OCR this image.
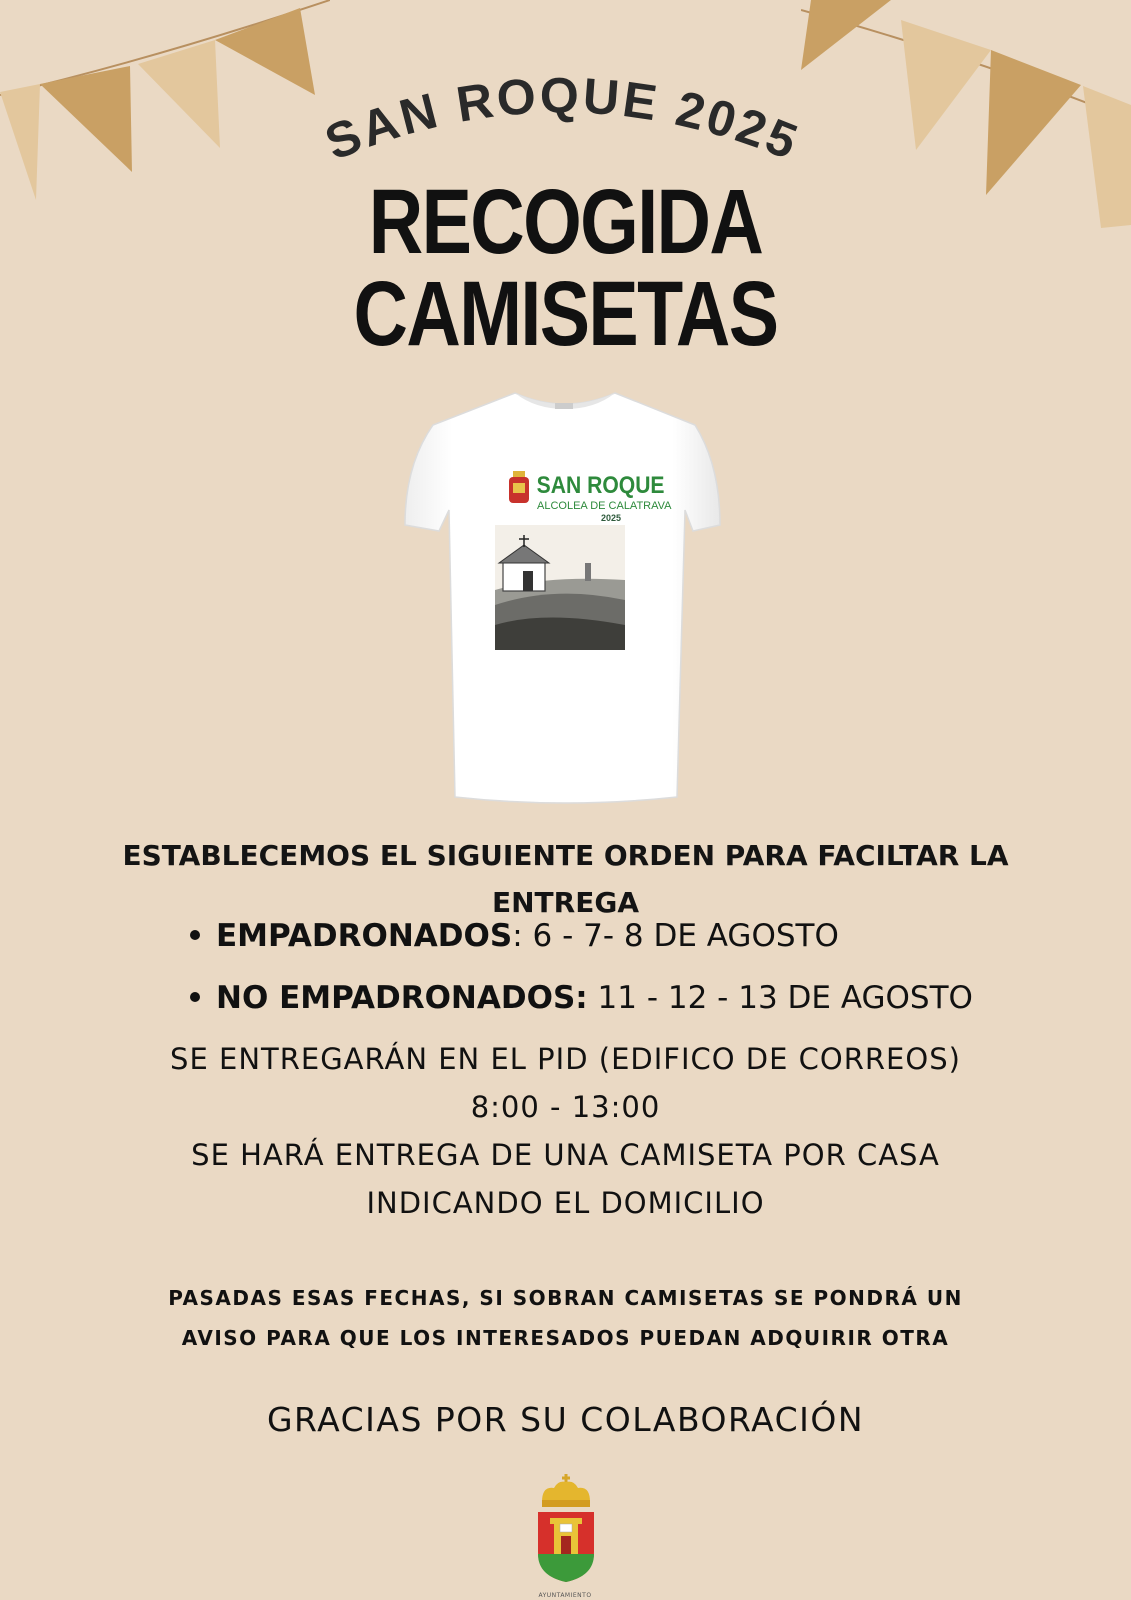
SAN ROQUE 2025
RECOGIDA
CAMISETAS
SAN ROQUE
ALCOLEA DE CALATRAVA
2025
ESTABLECEMOS EL SIGUIENTE ORDEN PARA FACILTAR LA ENTREGA
EMPADRONADOS: 6 - 7- 8 DE AGOSTO
NO EMPADRONADOS: 11 - 12 - 13 DE AGOSTO
SE ENTREGARÁN EN EL PID (EDIFICO DE CORREOS)
8:00 - 13:00
SE HARÁ ENTREGA DE UNA CAMISETA POR CASA
INDICANDO EL DOMICILIO
PASADAS ESAS FECHAS, SI SOBRAN CAMISETAS SE PONDRÁ UN
AVISO PARA QUE LOS INTERESADOS PUEDAN ADQUIRIR OTRA
GRACIAS POR SU COLABORACIÓN
AYUNTAMIENTO
